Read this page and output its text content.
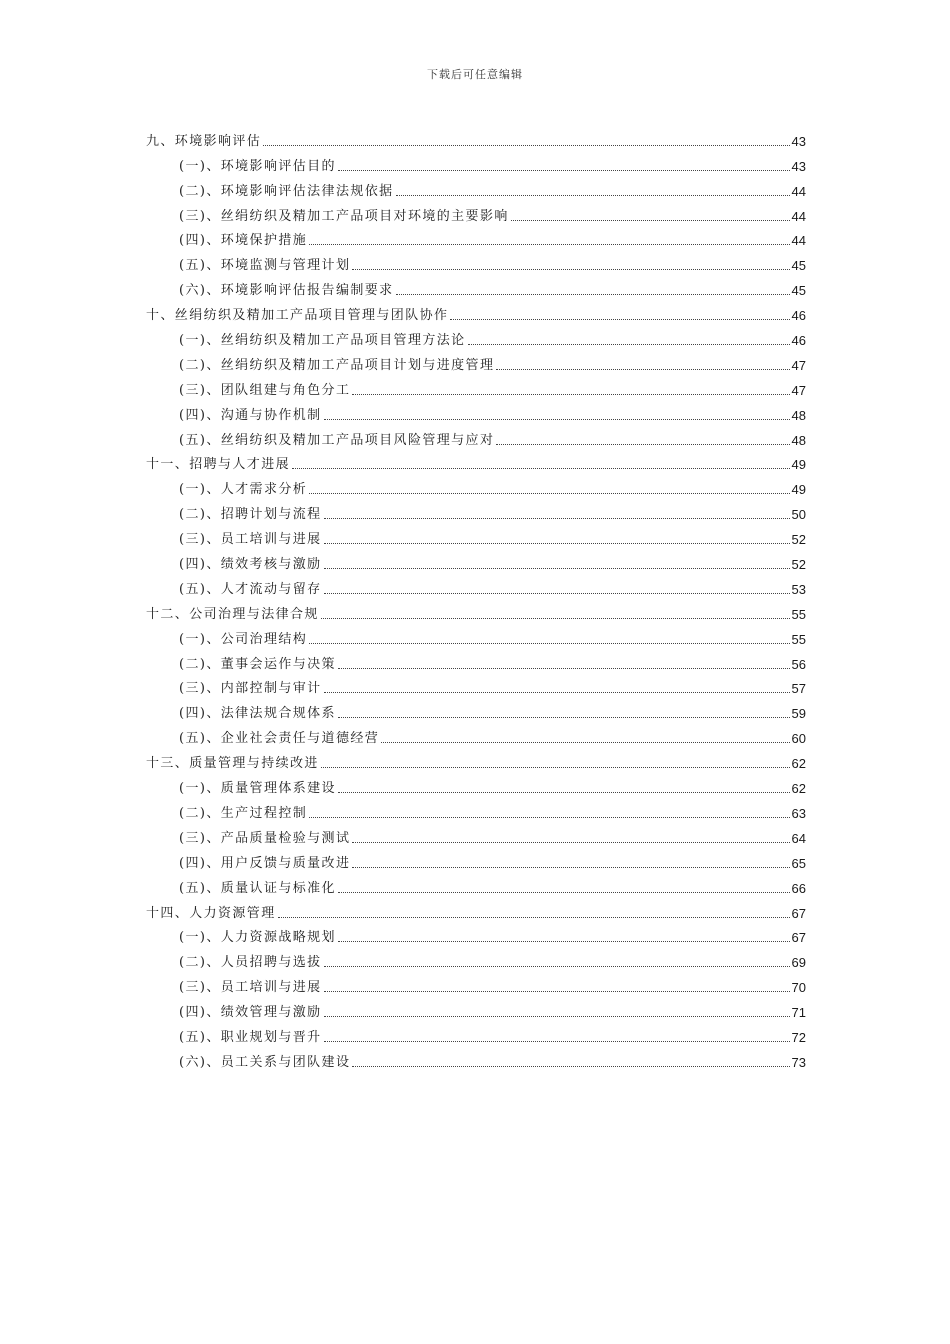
下载后可任意编辑
九、环境影响评估	43
(一)、环境影响评估目的	43
(二)、环境影响评估法律法规依据	44
(三)、丝绢纺织及精加工产品项目对环境的主要影响	44
(四)、环境保护措施	44
(五)、环境监测与管理计划	45
(六)、环境影响评估报告编制要求	45
十、丝绢纺织及精加工产品项目管理与团队协作	46
(一)、丝绢纺织及精加工产品项目管理方法论	46
(二)、丝绢纺织及精加工产品项目计划与进度管理	47
(三)、团队组建与角色分工	47
(四)、沟通与协作机制	48
(五)、丝绢纺织及精加工产品项目风险管理与应对	48
十一、招聘与人才进展	49
(一)、人才需求分析	49
(二)、招聘计划与流程	50
(三)、员工培训与进展	52
(四)、绩效考核与激励	52
(五)、人才流动与留存	53
十二、公司治理与法律合规	55
(一)、公司治理结构	55
(二)、董事会运作与决策	56
(三)、内部控制与审计	57
(四)、法律法规合规体系	59
(五)、企业社会责任与道德经营	60
十三、质量管理与持续改进	62
(一)、质量管理体系建设	62
(二)、生产过程控制	63
(三)、产品质量检验与测试	64
(四)、用户反馈与质量改进	65
(五)、质量认证与标准化	66
十四、人力资源管理	67
(一)、人力资源战略规划	67
(二)、人员招聘与选拔	69
(三)、员工培训与进展	70
(四)、绩效管理与激励	71
(五)、职业规划与晋升	72
(六)、员工关系与团队建设	73
